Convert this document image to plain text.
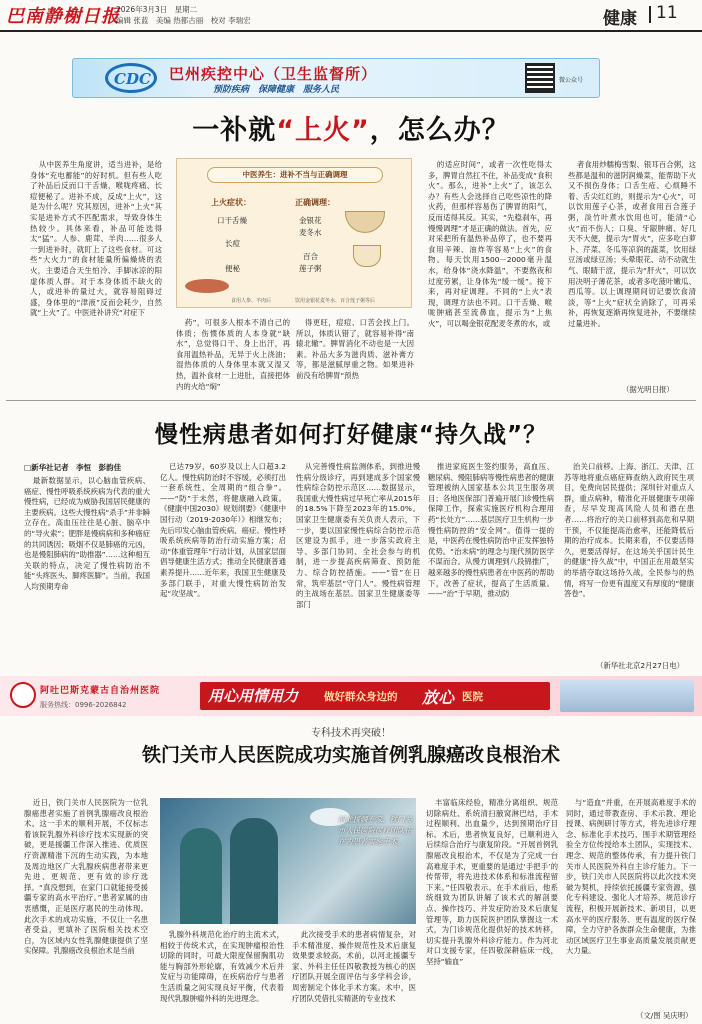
巴南静榭日报
2026年3月3日　星期二
编辑 张蓝　美编 热都古丽　校对 李瑞宏	健康 11
CDC 巴州疾控中心（卫生监督所）
预防疾病　保障健康　服务人民
微公众号
一补就“上火”，怎么办？
中医养生：进补不当与正确调理
上火症状：
口干舌燥
长痘
便秘
正确调理：
金银花
麦冬水
百合
莲子粥
食用人参、羊肉后	饮用金银花麦冬水、百合莲子粥等后

从中医养生角度讲，适当进补，是给身体“充电蓄能”的好时机。但有些人吃了补品后反而口干舌燥、喉咙疼痛、长痘便秘了。进补不成，反成“上火”，这是为什么呢？究其原因，进补“上火”其实是进补方式不匹配需求，导致身体生热较少。具体来看，补品可能选得太“猛”。人参、鹿茸、羊肉……很多人一到进补时，就盯上了这些食材。可这些“大火力”的食材能量所偏燥烧的表火，主要适合天生怕冷、手脚冰凉的阳虚体质人群。对于本身体质不缺火的人，或进补的量过大，就容易阻碍过盛，身体里的“津液”反而会耗少，自然就“上火”了。中医进补讲究“对症下

药”，可很多人根本不清自己的体质；伤惯体质的人本身就“缺水”，总觉得口干、身上出汗，再食用温热补品，无异于火上浇油；湿热体质的人身体里本就又湿又热，温补食材一上进肚，直接把体内的火给“焖”

得更旺，痘痘、口苦会找上门。所以，体质认错了，就容易补得“南辕北辙”。脾胃消化不动也是一大因素。补品大多为滋肉质、滋补膏方等，都是滋腻厚重之物。如果进补前没有给脾胃“预热

的适应时间”，或者一次性吃得太多，脾胃自然扛不住，补品变成“食积火”。那么，进补“上火”了，该怎么办？有些人会选择自己吃些凉性的降火药，但那样容易伤了脾胃的阳气，反而适得其反。其实，“先稳刹车，再慢慢调理”才是正确的做法。首先，应对采把所有温热补品停了，也不要再食用辛辣、油炸等容易“上火”的食物。每天饮用1500－2000毫升温水，给身体“浇水降温”，不要熬夜和过度劳累，让身体先“缓一缓”。接下来，再对症调理。不同的“上火”表现，调理方法也不同。口干舌燥、喉咙肿痛甚至流鼻血，提示为“上焦火”，可以喝金银花配麦冬煮的水，或

者食用炒糯梅雪梨、银耳百合粥，这些都是温和的滋阴润燥菜，能帮助下火又不损伤身体；口舌生疮、心烦睡不着、舌尖红红的，则提示为“心火”，可以饮用莲子心茶，或者食用百合莲子粥，淡竹叶煮水饮用也可，能清“心火”而不伤人；口臭、牙龈肿痛、好几天不大便，提示为“胃火”，应多吃白萝卜、芹菜、冬瓜等凉润的蔬菜，饮用绿豆汤或绿豆汤；头晕眼花、动不动就生气、眼睛干涩，提示为“肝火”，可以饮用决明子薄花茶，或者多吃菠叶嫩瓜、西瓜等。以上调理期间切记要饮食清淡，等“上火”症状全消除了，可再采补，再恢复逐渐再恢复进补，不要继续过量进补。

（据光明日报）
慢性病患者如何打好健康“持久战”？
□新华社记者　李恒　彭韵佳

最新数据显示，以心脑血管疾病、癌症、慢性呼吸系统疾病为代表的重大慢性病，已经成为威胁我国居民健康的主要疾病。这些大慢性病“杀手”并非瞬立存在。高血压往往是心脏、脑卒中的“导火索”；肥胖是慢病病和多种癌症的共同诱因；吸烟不仅是肺癌的元凶，也是慢阻肺病的“助推器”……这种相互关联的特点，决定了慢性病防治不能“头疼医头、脚疼医脚”。当前，我国人均预期寿命

已达79岁，60岁及以上人口超3.2亿人。慢性病防治时不容缓，必须打出一套系统性、全周期的“组合拳”。——“防”于未然，将健康融入政策。《健康中国2030》规划纲要》《健康中国行动（2019-2030年）》相继发布；先后印发心脑血管疾病、癌症、慢性呼吸系统疾病等防治行动实施方案；启动“体重管理年”行动计划，从国家层面倡导健康生活方式；推动全民健康普通素养提升……近年来，我国卫生健康及多部门联手，对重大慢性病防治发起“攻坚战”。

从完善慢性病监测体系，到推进慢性病分级诊疗，再到建成多个国家慢性病综合防控示范区……数据显示，我国重大慢性病过早死亡率从2015年的18.5%下降至2023年的15.0%。国家卫生健康委有关负责人表示，下一步，要以国家慢性病综合防控示范区建设为抓手，进一步落实政府主导、多部门协同、全社会参与的机制，进一步提高疾病筛查、预防能力、综合防控措施。——“管”在日常，筑牢基层“守门人”。慢性病管理的主战场在基层。国家卫生健康委等部门

推进家庭医生签约服务，高血压、糖尿病、慢阻肺病等慢性病患者的健康管理被纳入国家基本公共卫生服务项目；各地医保部门普遍开展门诊慢性病保障工作，探索实施医疗机构合理用药“长处方”……基层医疗卫生机构一步慢性病防控的“安全网”。值得一提的是，中医药在慢性病防治中正发挥独特优势。“治未病”的理念与现代预防医学不谋而合。从慢方调理到八段锦推广，越来越多的慢性病患者在中医药的帮助下，改善了症状，提高了生活质量。——“治”于早期，推动防

治关口前移。上海、浙江、天津、江苏等地将重点癌症筛查纳入政府民生项目，免费向居民提供；深圳针对重点人群，重点病种，精准化开展健康专项筛查，尽早发现高风险人员和潜在患者……将治疗的关口前移到高危和早期干预，不仅能提高治愈率，还能降低后期的治疗成本。长期来看，不仅要活得久，更要活得好。在这场关乎国计民生的健康“持久战”中，中国正在用最坚实的举措夺取这场持久战，全民参与的热情，将写一份更有温度又有厚度的“健康答卷”。

（新华社北京2月27日电）
阿吐巴斯克蒙古自治州医院
服务热线：0996-2026842	用心用情用力 做好群众身边的 放心 医院
专科技术再突破！
铁门关市人民医院成功实施首例乳腺癌改良根治术

近日，铁门关市人民医院为一位乳腺癌患者实施了首例乳腺癌改良根治术。这一手术的顺利开展，不仅标志着该院乳腺外科诊疗技术实现新的突破，更是援疆工作深入推进、优质医疗资源精准下沉的生动实践，为本地及周边地区广大乳腺疾病患者带来更先进、更规范、更有效的诊疗选择。“真没想到，在家门口就能接受援疆专家的高水平治疗。”患者家属的由衷感慨，正是医疗惠民的生动体现。此次手术的成功实施，不仅让一名患者受益，更填补了医院相关技术空白，为区域内女性乳腺健康提供了坚实保障。乳腺癌改良根治术是当前

河北援疆专家、铁门关市人民医院医疗团队正在为患者实施手术。

乳腺外科规范化治疗的主流术式，相较于传统术式，在实现肿瘤根治性切除的同时，可最大限度保留胸肌功能与胸部外形轮廓，有效减少术后并发症与功能障碍，在疾病治疗与患者生活质量之间实现良好平衡，代表着现代乳腺肿瘤外科的先进理念。

此次接受手术的患者病情复杂，对手术精准度、操作规范性及术后康复效果要求较高。术前，以河北援疆专家、外科主任任四敬教授为核心的医疗团队开展全面评估与多学科会诊，周密制定个体化手术方案。术中，医疗团队凭借扎实精湛的专业技术

丰富临床经验，精准分离组织、规范切除病灶、系统清扫腋窝淋巴结，手术过程顺利、出血量少，达到预期治疗目标。术后，患者恢复良好，已顺利进入后续综合治疗与康复阶段。“开展首例乳腺癌改良根治术，不仅是为了完成一台高难度手术，更重要的是通过‘手把手’的传帮带，将先进技术体系和标准流程留下来。”任四敬表示。在手术前后，他系统细致为团队讲解了该术式的解剖要点、操作技巧、并发症防治及术后康复管理等，助力医院医护团队掌握这一术式，为门诊规范化提供好的技术转移，切实提升乳腺外科诊疗能力。作为河北对口支援专家，任四敬深耕临床一线，坚持“输血”

与“造血”并重，在开展高难度手术的同时，通过带教查房、手术示教、理论授课、病例研讨等方式，将先进诊疗理念、标准化手术技巧、围手术期管理经验全方位传授给本土团队，实现技术、理念、规范的整体传承，有力提升铁门关市人民医院外科自主诊疗能力。下一步，铁门关市人民医院将以此次技术突破为契机，持续依托援疆专家资源，强化专科建设、强化人才培养、规范诊疗流程，积极开展新技术、新项目，以更高水平的医疗服务、更有温度的医疗保障，全力守护各族群众生命健康，为推动区域医疗卫生事业高质量发展贡献更大力量。

（文/图 吴庆明）
